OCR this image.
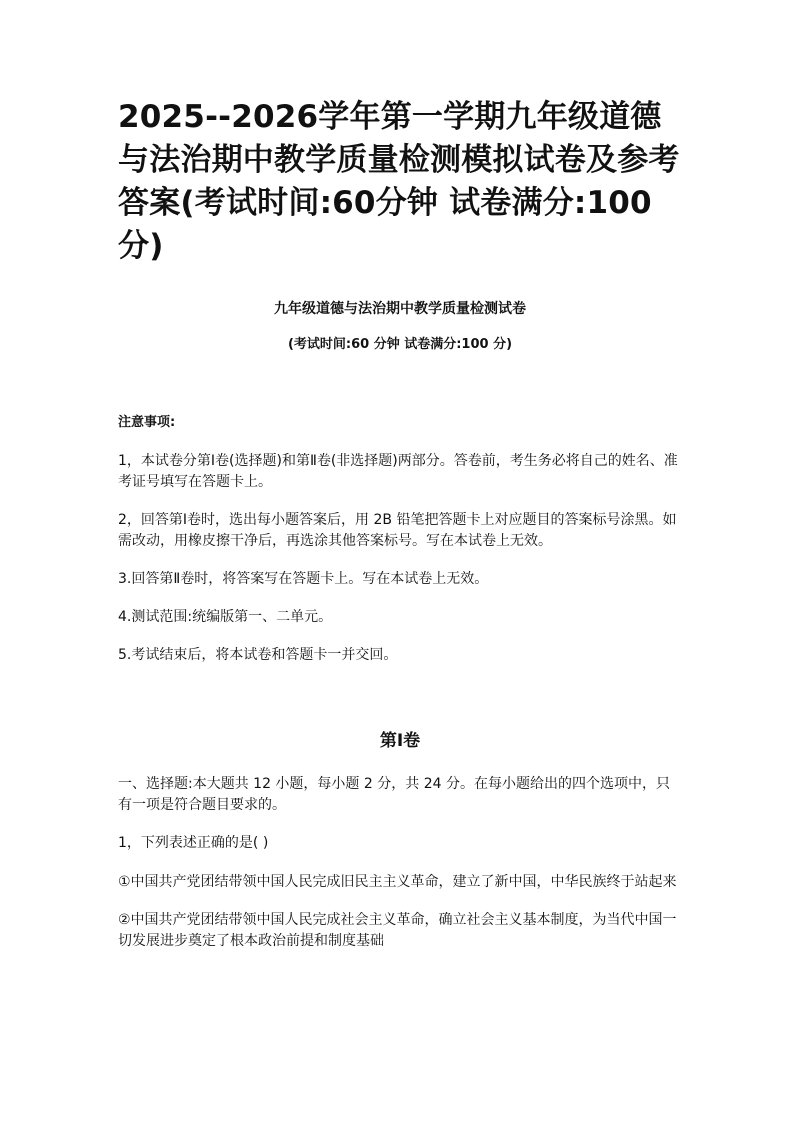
2025--2026学年第一学期九年级道德与法治期中教学质量检测模拟试卷及参考答案(考试时间:60分钟 试卷满分:100分)

九年级道德与法治期中教学质量检测试卷

(考试时间:60 分钟 试卷满分:100 分)

注意事项:

1，本试卷分第Ⅰ卷(选择题)和第Ⅱ卷(非选择题)两部分。答卷前，考生务必将自己的姓名、准考证号填写在答题卡上。

2，回答第Ⅰ卷时，选出每小题答案后，用 2B 铅笔把答题卡上对应题目的答案标号涂黑。如需改动，用橡皮擦干净后，再选涂其他答案标号。写在本试卷上无效。

3.回答第Ⅱ卷时，将答案写在答题卡上。写在本试卷上无效。

4.测试范围:统编版第一、二单元。

5.考试结束后，将本试卷和答题卡一并交回。

第Ⅰ卷

一、选择题:本大题共 12 小题，每小题 2 分，共 24 分。在每小题给出的四个选项中，只有一项是符合题目要求的。

1，下列表述正确的是( )

①中国共产党团结带领中国人民完成旧民主主义革命，建立了新中国，中华民族终于站起来

②中国共产党团结带领中国人民完成社会主义革命，确立社会主义基本制度，为当代中国一切发展进步奠定了根本政治前提和制度基础
